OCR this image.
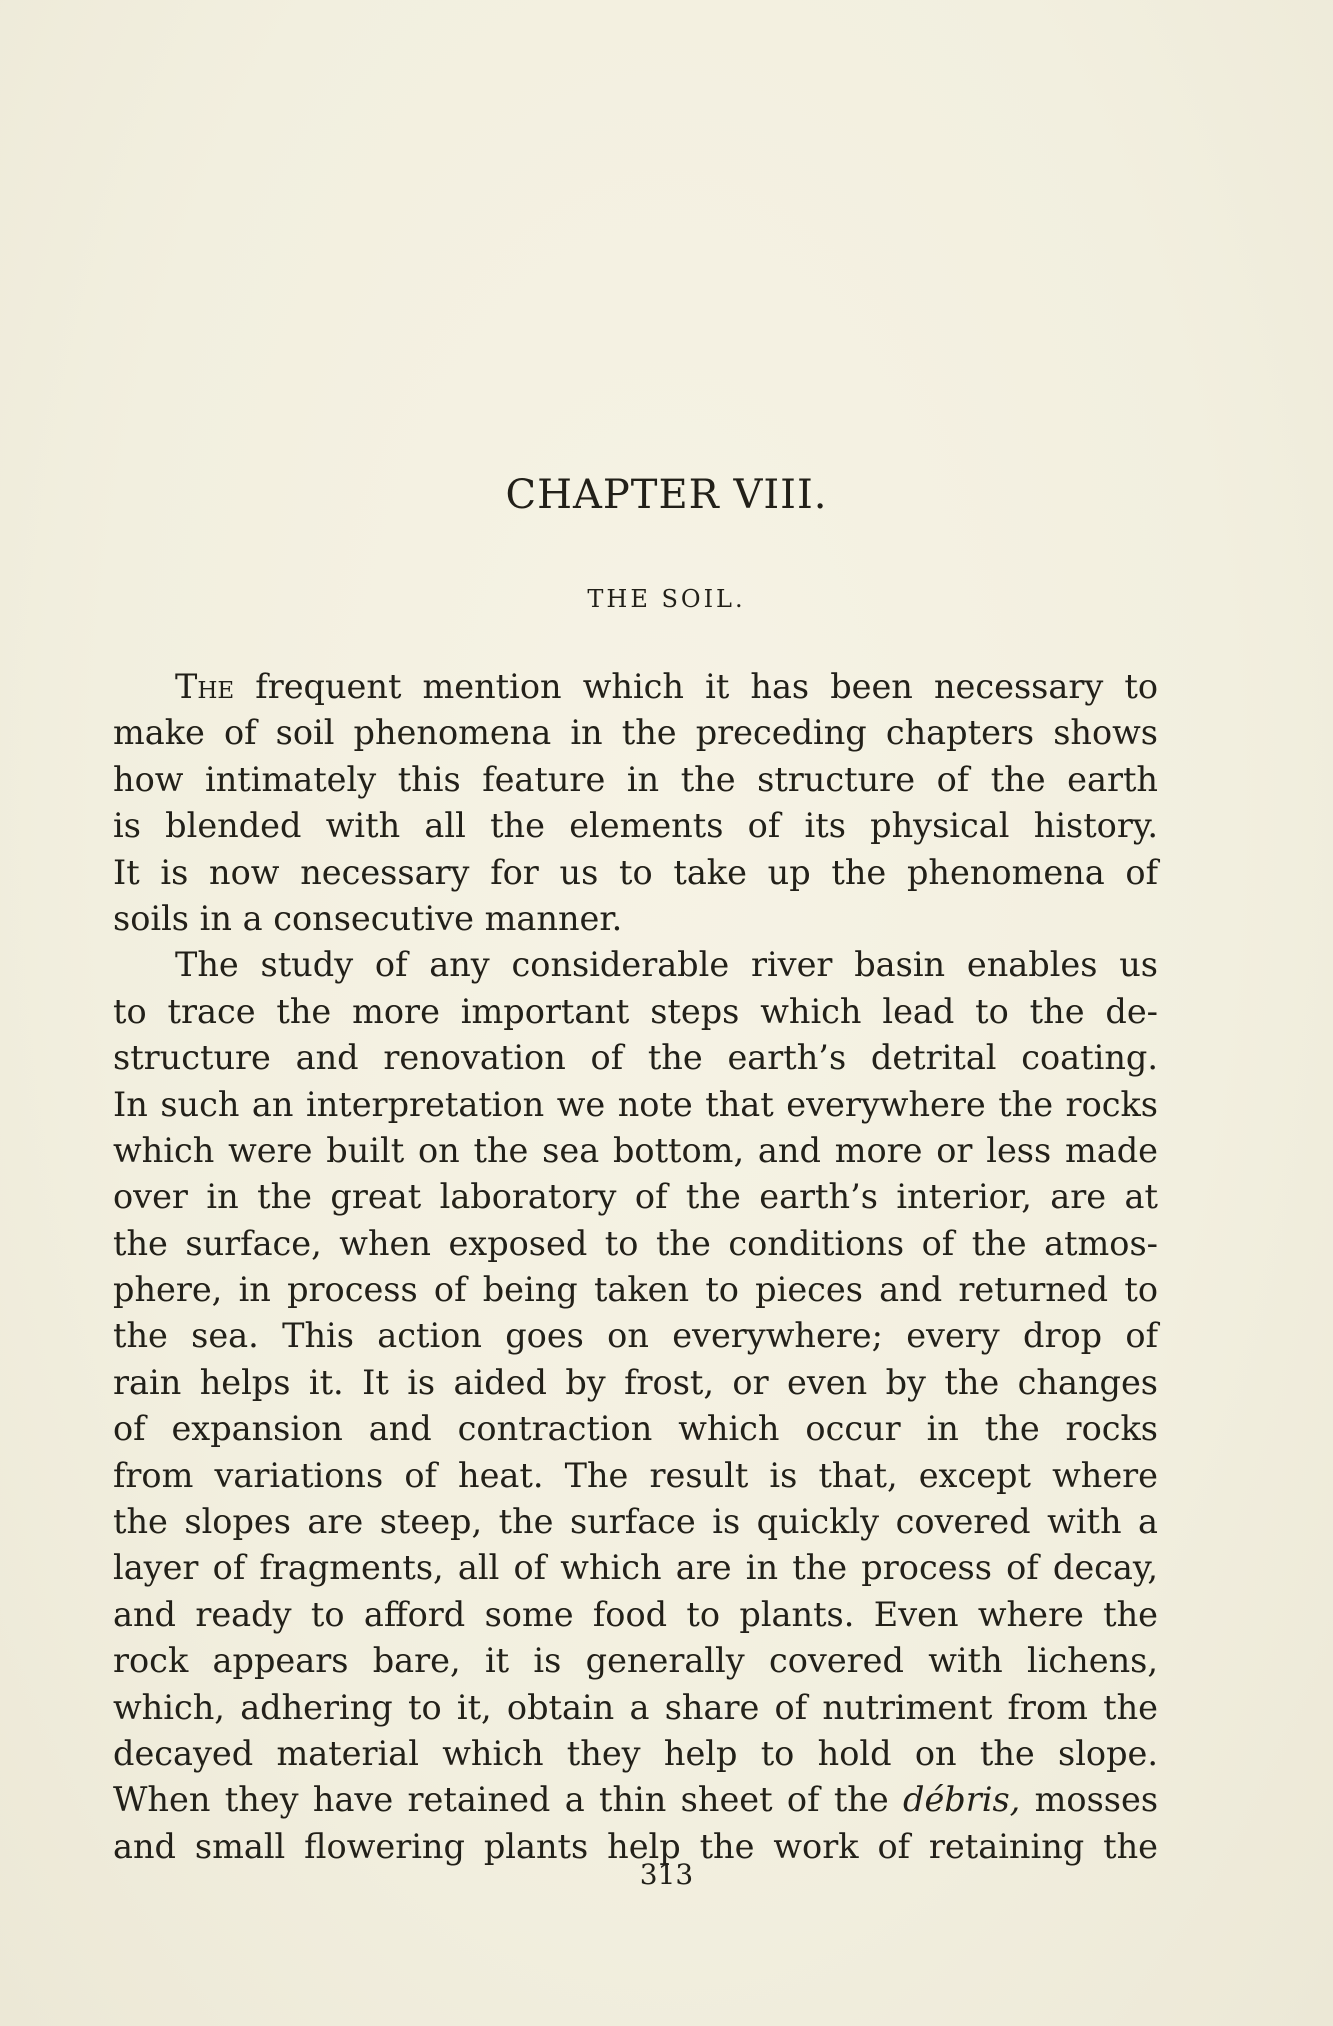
CHAPTER VIII.
THE SOIL.
The frequent mention which it has been necessary to
make of soil phenomena in the preceding chapters shows
how intimately this feature in the structure of the earth
is blended with all the elements of its physical history.
It is now necessary for us to take up the phenomena of
soils in a consecutive manner.
The study of any considerable river basin enables us
to trace the more important steps which lead to the de-
structure and renovation of the earth’s detrital coating.
In such an interpretation we note that everywhere the rocks
which were built on the sea bottom, and more or less made
over in the great laboratory of the earth’s interior, are at
the surface, when exposed to the conditions of the atmos-
phere, in process of being taken to pieces and returned to
the sea. This action goes on everywhere; every drop of
rain helps it. It is aided by frost, or even by the changes
of expansion and contraction which occur in the rocks
from variations of heat. The result is that, except where
the slopes are steep, the surface is quickly covered with a
layer of fragments, all of which are in the process of decay,
and ready to afford some food to plants. Even where the
rock appears bare, it is generally covered with lichens,
which, adhering to it, obtain a share of nutriment from the
decayed material which they help to hold on the slope.
When they have retained a thin sheet of the débris, mosses
and small flowering plants help the work of retaining the
313
